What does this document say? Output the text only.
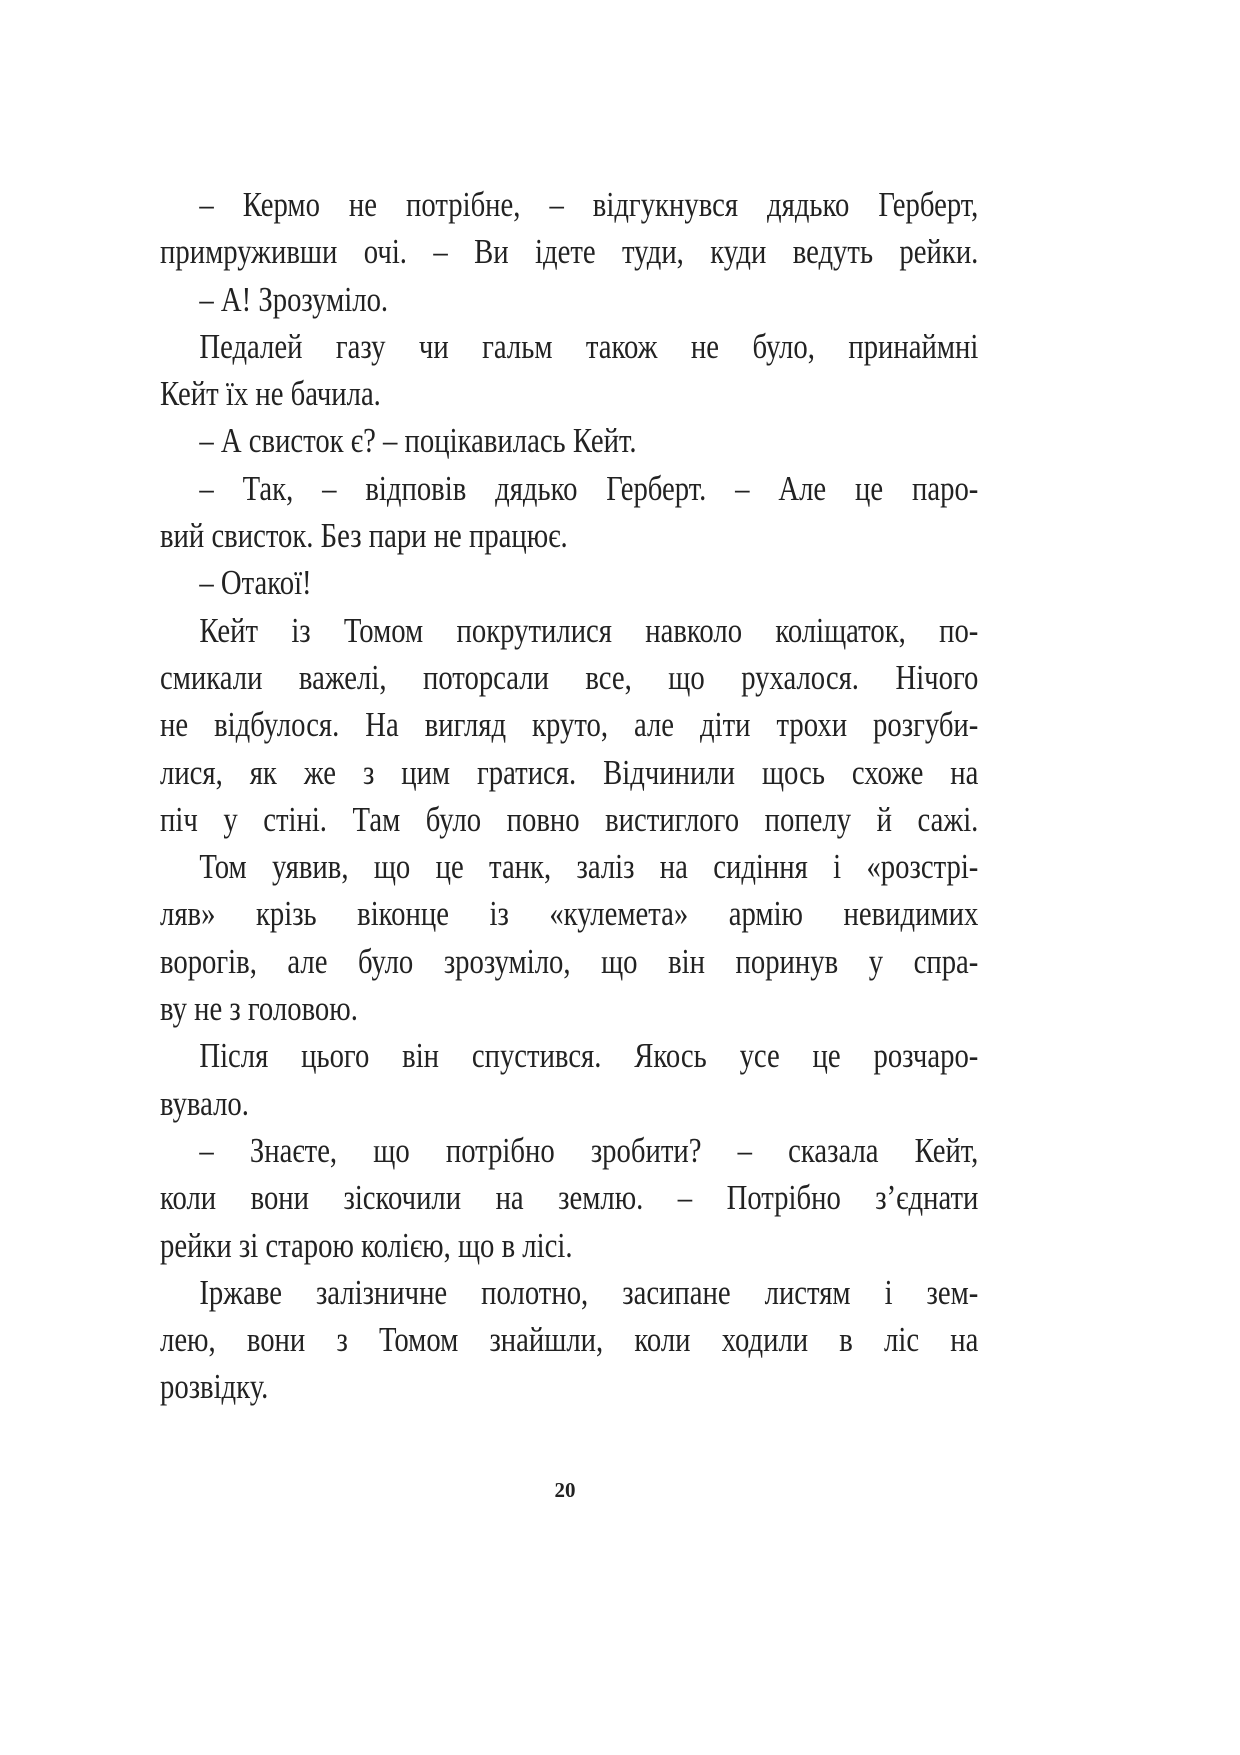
– Кермо не потрібне, – відгукнувся дядько Герберт,
примруживши очі. – Ви ідете туди, куди ведуть рейки.
– А! Зрозуміло.
Педалей газу чи гальм також не було, принаймні
Кейт їх не бачила.
– А свисток є? – поцікавилась Кейт.
– Так, – відповів дядько Герберт. – Але це паро-
вий свисток. Без пари не працює.
– Отакої!
Кейт із Томом покрутилися навколо коліщаток, по-
смикали важелі, поторсали все, що рухалося. Нічого
не відбулося. На вигляд круто, але діти трохи розгуби-
лися, як же з цим гратися. Відчинили щось схоже на
піч у стіні. Там було повно вистиглого попелу й сажі.
Том уявив, що це танк, заліз на сидіння і «розстрі-
ляв» крізь віконце із «кулемета» армію невидимих
ворогів, але було зрозуміло, що він поринув у спра-
ву не з головою.
Після цього він спустився. Якось усе це розчаро-
вувало.
– Знаєте, що потрібно зробити? – сказала Кейт,
коли вони зіскочили на землю. – Потрібно з’єднати
рейки зі старою колією, що в лісі.
Іржаве залізничне полотно, засипане листям і зем-
лею, вони з Томом знайшли, коли ходили в ліс на
розвідку.
20
